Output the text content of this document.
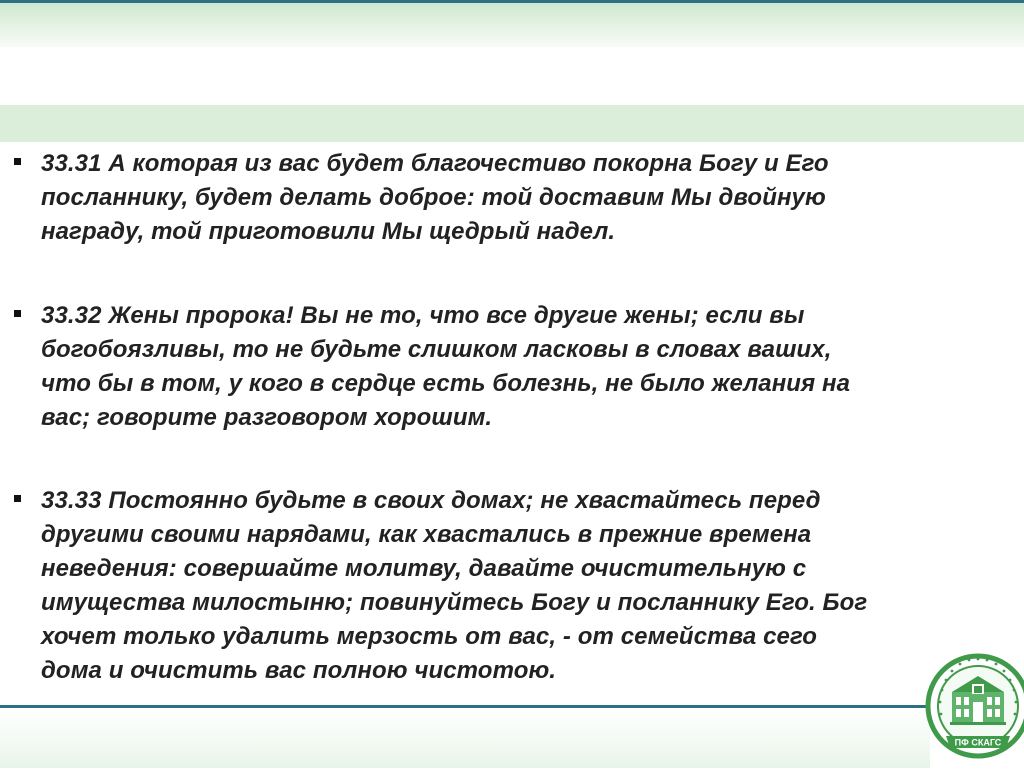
33.31 А которая из вас будет благочестиво покорна Богу и Его
посланнику, будет делать доброе: той доставим Мы двойную
награду, той приготовили Мы щедрый надел.
33.32 Жены пророка! Вы не то, что все другие жены; если вы
богобоязливы, то не будьте слишком ласковы в словах ваших,
что бы в том, у кого в сердце есть болезнь, не было желания на
вас; говорите разговором хорошим.
33.33 Постоянно будьте в своих домах; не хвастайтесь перед
другими своими нарядами, как хвастались в прежние времена
неведения: совершайте молитву, давайте очистительную с
имущества милостыню; повинуйтесь Богу и посланнику Его. Бог
хочет только удалить мерзость от вас, - от семейства сего
дома и очистить вас полною чистотою.
ПФ СКАГС
